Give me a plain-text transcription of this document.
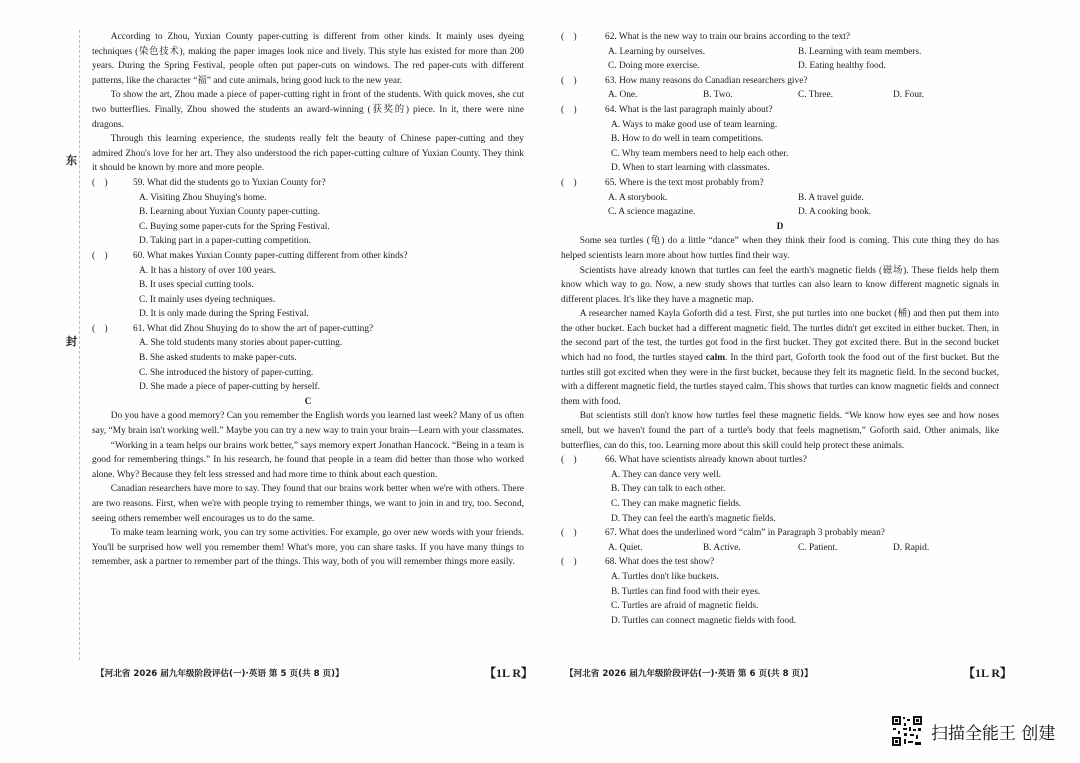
东
封

According to Zhou, Yuxian County paper-cutting is different from other kinds. It mainly uses dyeing techniques (染色技术), making the paper images look nice and lively. This style has existed for more than 200 years. During the Spring Festival, people often put paper-cuts on windows. The red paper-cuts with different patterns, like the character “福” and cute animals, bring good luck to the new year.

To show the art, Zhou made a piece of paper-cutting right in front of the students. With quick moves, she cut two butterflies. Finally, Zhou showed the students an award-winning (获奖的) piece. In it, there were nine dragons.

Through this learning experience, the students really felt the beauty of Chinese paper-cutting and they admired Zhou's love for her art. They also understood the rich paper-cutting culture of Yuxian County. They think it should be known by more and more people.

(    )	59. What did the students go to Yuxian County for?
A. Visiting Zhou Shuying's home.
B. Learning about Yuxian County paper-cutting.
C. Buying some paper-cuts for the Spring Festival.
D. Taking part in a paper-cutting competition.
(    )	60. What makes Yuxian County paper-cutting different from other kinds?
A. It has a history of over 100 years.
B. It uses special cutting tools.
C. It mainly uses dyeing techniques.
D. It is only made during the Spring Festival.
(    )	61. What did Zhou Shuying do to show the art of paper-cutting?
A. She told students many stories about paper-cutting.
B. She asked students to make paper-cuts.
C. She introduced the history of paper-cutting.
D. She made a piece of paper-cutting by herself.
C

Do you have a good memory? Can you remember the English words you learned last week? Many of us often say, “My brain isn't working well.” Maybe you can try a new way to train your brain—Learn with your classmates.

“Working in a team helps our brains work better,” says memory expert Jonathan Hancock. “Being in a team is good for remembering things.” In his research, he found that people in a team did better than those who worked alone. Why? Because they felt less stressed and had more time to think about each question.

Canadian researchers have more to say. They found that our brains work better when we're with others. There are two reasons. First, when we're with people trying to remember things, we want to join in and try, too. Second, seeing others remember well encourages us to do the same.

To make team learning work, you can try some activities. For example, go over new words with your friends. You'll be surprised how well you remember them! What's more, you can share tasks. If you have many things to remember, ask a partner to remember part of the things. This way, both of you will remember things more easily.

【河北省 2026 届九年级阶段评估(一)·英语 第 5 页(共 8 页)】	【1L R】
(    )	62. What is the new way to train our brains according to the text?
A. Learning by ourselves.	B. Learning with team members.
C. Doing more exercise.	D. Eating healthy food.
(    )	63. How many reasons do Canadian researchers give?
A. One.	B. Two.	C. Three.	D. Four.
(    )	64. What is the last paragraph mainly about?
A. Ways to make good use of team learning.
B. How to do well in team competitions.
C. Why team members need to help each other.
D. When to start learning with classmates.
(    )	65. Where is the text most probably from?
A. A storybook.	B. A travel guide.
C. A science magazine.	D. A cooking book.
D

Some sea turtles (龟) do a little “dance” when they think their food is coming. This cute thing they do has helped scientists learn more about how turtles find their way.

Scientists have already known that turtles can feel the earth's magnetic fields (磁场). These fields help them know which way to go. Now, a new study shows that turtles can also learn to know different magnetic signals in different places. It's like they have a magnetic map.

A researcher named Kayla Goforth did a test. First, she put turtles into one bucket (桶) and then put them into the other bucket. Each bucket had a different magnetic field. The turtles didn't get excited in either bucket. Then, in the second part of the test, the turtles got food in the first bucket. They got excited there. But in the second bucket which had no food, the turtles stayed calm. In the third part, Goforth took the food out of the first bucket. But the turtles still got excited when they were in the first bucket, because they felt its magnetic field. In the second bucket, with a different magnetic field, the turtles stayed calm. This shows that turtles can know magnetic fields and connect them with food.

But scientists still don't know how turtles feel these magnetic fields. “We know how eyes see and how noses smell, but we haven't found the part of a turtle's body that feels magnetism,” Goforth said. Other animals, like butterflies, can do this, too. Learning more about this skill could help protect these animals.

(    )	66. What have scientists already known about turtles?
A. They can dance very well.
B. They can talk to each other.
C. They can make magnetic fields.
D. They can feel the earth's magnetic fields.
(    )	67. What does the underlined word “calm” in Paragraph 3 probably mean?
A. Quiet.	B. Active.	C. Patient.	D. Rapid.
(    )	68. What does the test show?
A. Turtles don't like buckets.
B. Turtles can find food with their eyes.
C. Turtles are afraid of magnetic fields.
D. Turtles can connect magnetic fields with food.
【河北省 2026 届九年级阶段评估(一)·英语 第 6 页(共 8 页)】	【1L R】
扫描全能王 创建
